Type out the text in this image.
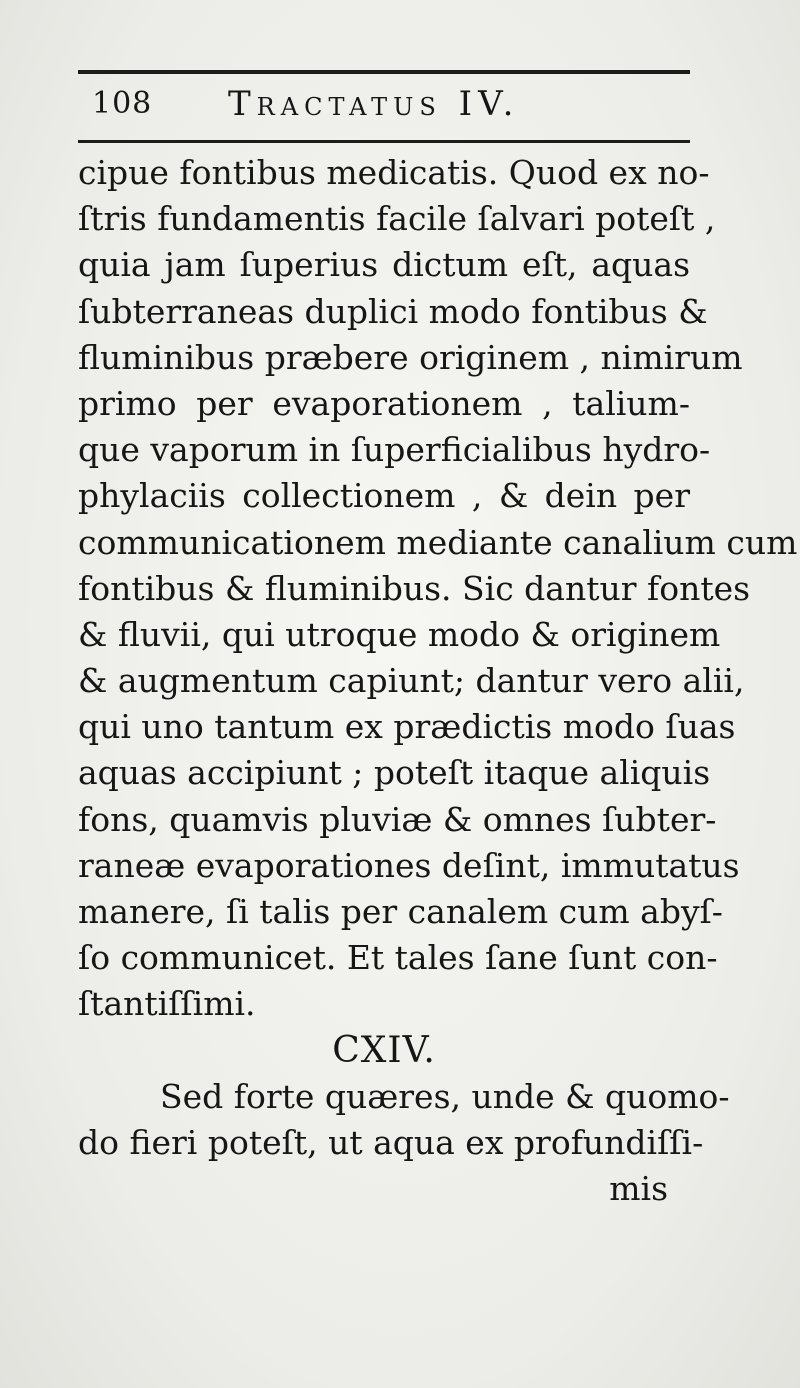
108 Tractatus IV.
cipue fontibus medicatis. Quod ex no-
ſtris fundamentis facile ſalvari poteſt ,
quia jam ſuperius dictum eſt, aquas
ſubterraneas duplici modo fontibus &
fluminibus præbere originem , nimirum
primo per evaporationem , talium-
que vaporum in ſuperficialibus hydro-
phylaciis collectionem , & dein per
communicationem mediante canalium cum
fontibus & fluminibus. Sic dantur fontes
& fluvii, qui utroque modo & originem
& augmentum capiunt; dantur vero alii,
qui uno tantum ex prædictis modo ſuas
aquas accipiunt ; poteſt itaque aliquis
fons, quamvis pluviæ & omnes ſubter-
raneæ evaporationes deſint, immutatus
manere, ſi talis per canalem cum abyſ-
ſo communicet. Et tales ſane ſunt con-
ſtantiſſimi.
CXIV.
Sed forte quæres, unde & quomo-
do fieri poteſt, ut aqua ex profundiſſi-
mis
